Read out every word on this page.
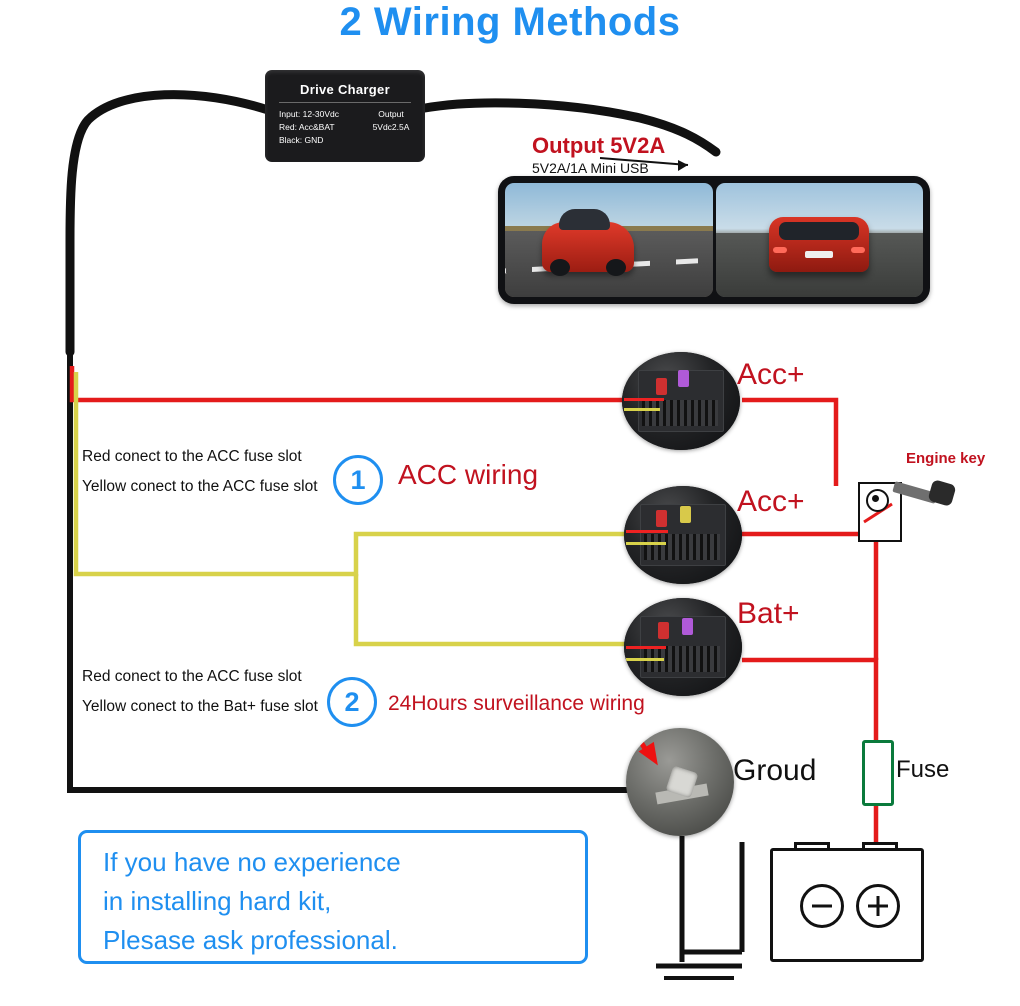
2 Wiring Methods
Drive Charger
Input: 12-30Vdc
Red: Acc&BAT
Black: GND
Output
5Vdc2.5A
Output 5V2A
5V2A/1A Mini USB
Acc+
Acc+
Bat+
Groud
Engine key
Fuse
Red conect to the ACC fuse slot
Yellow conect to the ACC fuse slot	1	ACC wiring
Red conect to the ACC fuse slot
Yellow conect to the Bat+ fuse slot 2	24Hours surveillance wiring
If you have no experience
in installing hard kit,
Plesase ask professional.
